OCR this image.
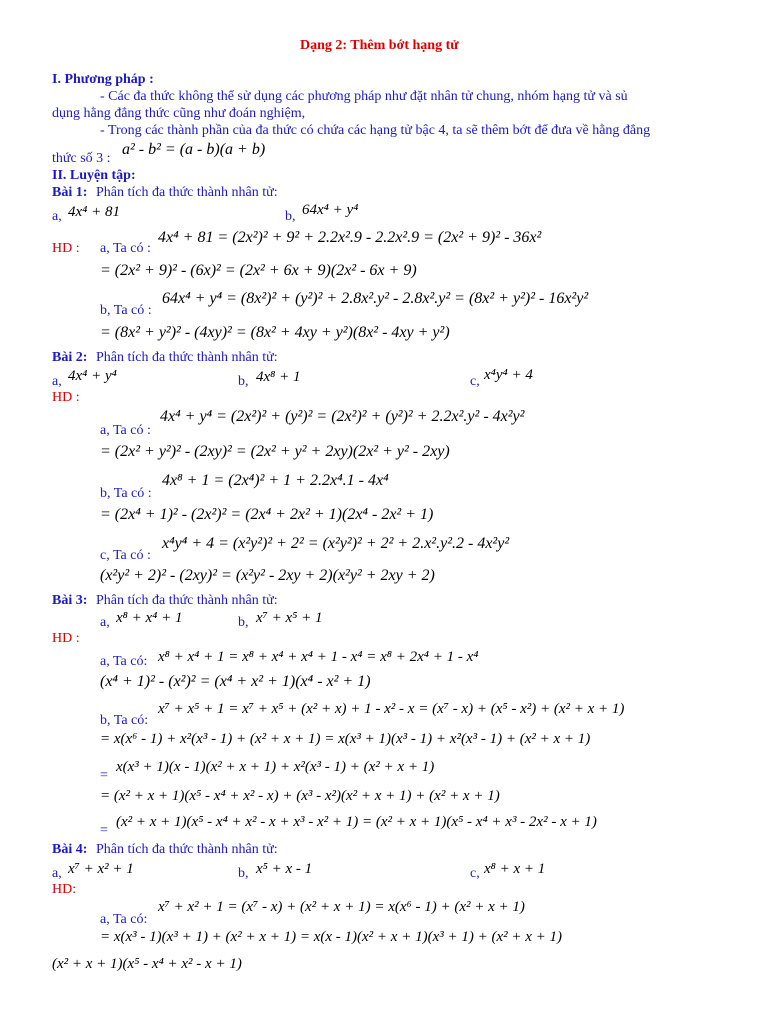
Dạng 2: Thêm bớt hạng tử
I. Phương pháp :
- Các đa thức không thể sử dụng các phương pháp như đặt nhân tử chung, nhóm hạng tử và sủ
dụng hằng đẳng thức cũng như đoán nghiệm,
- Trong các thành phần của đa thức có chứa các hạng tử bậc 4, ta sẽ thêm bớt để đưa về hằng đẳng
thức số 3 :
a² - b² = (a - b)(a + b)
II. Luyện tập:
Bài 1: Phân tích đa thức thành nhân tử:
a, 4x⁴ + 81	b, 64x⁴ + y⁴
HD : a, Ta có :
4x⁴ + 81 = (2x²)² + 9² + 2.2x².9 - 2.2x².9 = (2x² + 9)² - 36x²
= (2x² + 9)² - (6x)² = (2x² + 6x + 9)(2x² - 6x + 9)
b, Ta có :
64x⁴ + y⁴ = (8x²)² + (y²)² + 2.8x².y² - 2.8x².y² = (8x² + y²)² - 16x²y²
= (8x² + y²)² - (4xy)² = (8x² + 4xy + y²)(8x² - 4xy + y²)
Bài 2: Phân tích đa thức thành nhân tử:
a, 4x⁴ + y⁴	b, 4x⁸ + 1	c, x⁴y⁴ + 4
HD :
a, Ta có :
4x⁴ + y⁴ = (2x²)² + (y²)² = (2x²)² + (y²)² + 2.2x².y² - 4x²y²
= (2x² + y²)² - (2xy)² = (2x² + y² + 2xy)(2x² + y² - 2xy)
b, Ta có :
4x⁸ + 1 = (2x⁴)² + 1 + 2.2x⁴.1 - 4x⁴
= (2x⁴ + 1)² - (2x²)² = (2x⁴ + 2x² + 1)(2x⁴ - 2x² + 1)
c, Ta có :
x⁴y⁴ + 4 = (x²y²)² + 2² = (x²y²)² + 2² + 2.x².y².2 - 4x²y²
(x²y² + 2)² - (2xy)² = (x²y² - 2xy + 2)(x²y² + 2xy + 2)
Bài 3: Phân tích đa thức thành nhân tử:
a, x⁸ + x⁴ + 1	b, x⁷ + x⁵ + 1
HD :
a, Ta có: x⁸ + x⁴ + 1 = x⁸ + x⁴ + x⁴ + 1 - x⁴ = x⁸ + 2x⁴ + 1 - x⁴
(x⁴ + 1)² - (x²)² = (x⁴ + x² + 1)(x⁴ - x² + 1)
b, Ta có:
x⁷ + x⁵ + 1 = x⁷ + x⁵ + (x² + x) + 1 - x² - x = (x⁷ - x) + (x⁵ - x²) + (x² + x + 1)
= x(x⁶ - 1) + x²(x³ - 1) + (x² + x + 1) = x(x³ + 1)(x³ - 1) + x²(x³ - 1) + (x² + x + 1)
=
x(x³ + 1)(x - 1)(x² + x + 1) + x²(x³ - 1) + (x² + x + 1)
= (x² + x + 1)(x⁵ - x⁴ + x² - x) + (x³ - x²)(x² + x + 1) + (x² + x + 1)
=
(x² + x + 1)(x⁵ - x⁴ + x² - x + x³ - x² + 1) = (x² + x + 1)(x⁵ - x⁴ + x³ - 2x² - x + 1)
Bài 4: Phân tích đa thức thành nhân tử:
a, x⁷ + x² + 1	b, x⁵ + x - 1	c, x⁸ + x + 1
HD:
a, Ta có:
x⁷ + x² + 1 = (x⁷ - x) + (x² + x + 1) = x(x⁶ - 1) + (x² + x + 1)
= x(x³ - 1)(x³ + 1) + (x² + x + 1) = x(x - 1)(x² + x + 1)(x³ + 1) + (x² + x + 1)
(x² + x + 1)(x⁵ - x⁴ + x² - x + 1)
